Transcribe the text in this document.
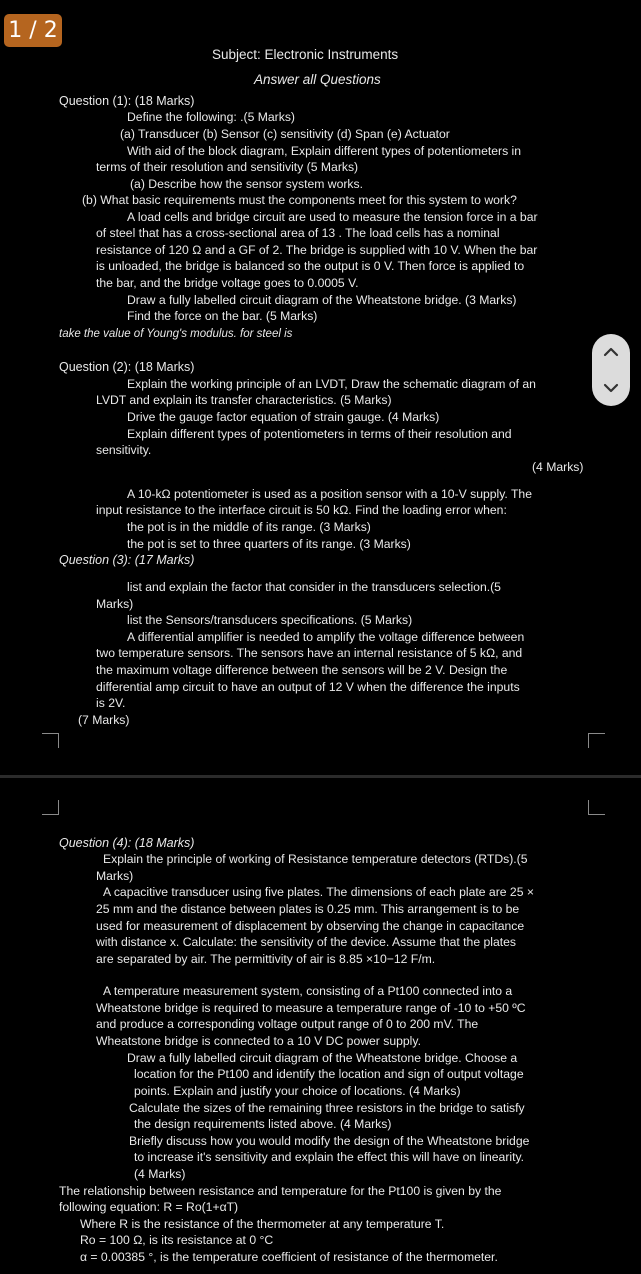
Subject: Electronic Instruments
Answer all Questions
Question (1): (18 Marks)
Define the following: .(5 Marks)
(a) Transducer (b) Sensor (c) sensitivity (d) Span (e) Actuator
With aid of the block diagram, Explain different types of potentiometers in
terms of their resolution and sensitivity (5 Marks)
(a) Describe how the sensor system works.
(b) What basic requirements must the components meet for this system to work?
A load cells and bridge circuit are used to measure the tension force in a bar
of steel that has a cross-sectional area of 13 . The load cells has a nominal
resistance of 120 Ω and a GF of 2. The bridge is supplied with 10 V. When the bar
is unloaded, the bridge is balanced so the output is 0 V. Then force is applied to
the bar, and the bridge voltage goes to 0.0005 V.
Draw a fully labelled circuit diagram of the Wheatstone bridge. (3 Marks)
Find the force on the bar. (5 Marks)
take the value of Young's modulus. for steel is
Question (2): (18 Marks)
Explain the working principle of an LVDT, Draw the schematic diagram of an
LVDT and explain its transfer characteristics. (5 Marks)
Drive the gauge factor equation of strain gauge. (4 Marks)
Explain different types of potentiometers in terms of their resolution and
sensitivity.
(4 Marks)
A 10-kΩ potentiometer is used as a position sensor with a 10-V supply. The
input resistance to the interface circuit is 50 kΩ. Find the loading error when:
the pot is in the middle of its range. (3 Marks)
the pot is set to three quarters of its range. (3 Marks)
Question (3): (17 Marks)
list and explain the factor that consider in the transducers selection.(5
Marks)
list the Sensors/transducers specifications. (5 Marks)
A differential amplifier is needed to amplify the voltage difference between
two temperature sensors. The sensors have an internal resistance of 5 kΩ, and
the maximum voltage difference between the sensors will be 2 V. Design the
differential amp circuit to have an output of 12 V when the difference the inputs
is 2V.
(7 Marks)
Question (4): (18 Marks)
Explain the principle of working of Resistance temperature detectors (RTDs).(5
Marks)
A capacitive transducer using five plates. The dimensions of each plate are 25 ×
25 mm and the distance between plates is 0.25 mm. This arrangement is to be
used for measurement of displacement by observing the change in capacitance
with distance x. Calculate: the sensitivity of the device. Assume that the plates
are separated by air. The permittivity of air is 8.85 ×10−12 F/m.
A temperature measurement system, consisting of a Pt100 connected into a
Wheatstone bridge is required to measure a temperature range of -10 to +50 ºC
and produce a corresponding voltage output range of 0 to 200 mV. The
Wheatstone bridge is connected to a 10 V DC power supply.
Draw a fully labelled circuit diagram of the Wheatstone bridge. Choose a
location for the Pt100 and identify the location and sign of output voltage
points. Explain and justify your choice of locations. (4 Marks)
Calculate the sizes of the remaining three resistors in the bridge to satisfy
the design requirements listed above. (4 Marks)
Briefly discuss how you would modify the design of the Wheatstone bridge
to increase it's sensitivity and explain the effect this will have on linearity.
(4 Marks)
The relationship between resistance and temperature for the Pt100 is given by the
following equation: R = Ro(1+αT)
Where R is the resistance of the thermometer at any temperature T.
Ro = 100 Ω, is its resistance at 0 °C
α = 0.00385 °, is the temperature coefficient of resistance of the thermometer.
1 / 2
